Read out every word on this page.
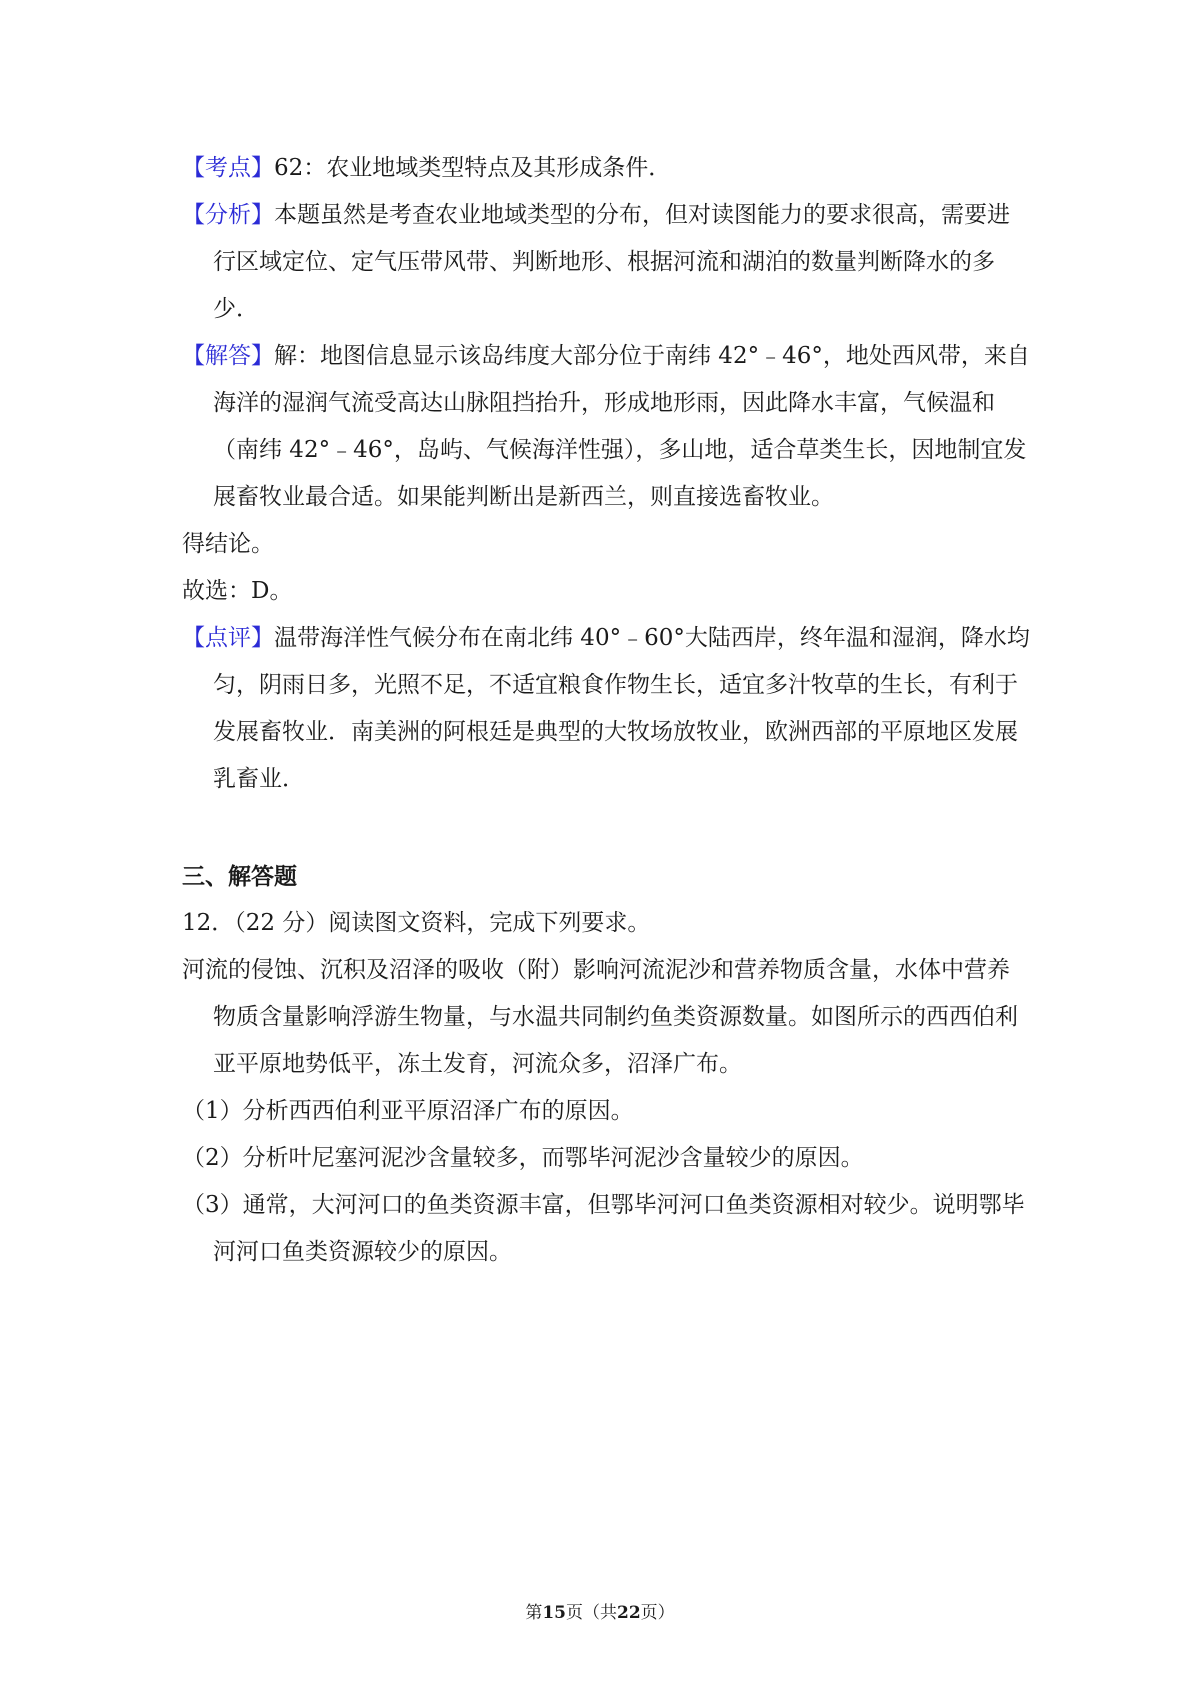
【考点】62：农业地域类型特点及其形成条件．

【分析】本题虽然是考查农业地域类型的分布，但对读图能力的要求很高，需要进行区域定位、定气压带风带、判断地形、根据河流和湖泊的数量判断降水的多少．

【解答】解：地图信息显示该岛纬度大部分位于南纬 42°﹣46°，地处西风带，来自海洋的湿润气流受高达山脉阻挡抬升，形成地形雨，因此降水丰富，气候温和（南纬 42°﹣46°，岛屿、气候海洋性强），多山地，适合草类生长，因地制宜发展畜牧业最合适。如果能判断出是新西兰，则直接选畜牧业。

得结论。

故选：D。

【点评】温带海洋性气候分布在南北纬 40°﹣60°大陆西岸，终年温和湿润，降水均匀，阴雨日多，光照不足，不适宜粮食作物生长，适宜多汁牧草的生长，有利于发展畜牧业．南美洲的阿根廷是典型的大牧场放牧业，欧洲西部的平原地区发展乳畜业．

三、解答题

12．（22 分）阅读图文资料，完成下列要求。

河流的侵蚀、沉积及沼泽的吸收（附）影响河流泥沙和营养物质含量，水体中营养物质含量影响浮游生物量，与水温共同制约鱼类资源数量。如图所示的西西伯利亚平原地势低平，冻土发育，河流众多，沼泽广布。

（1）分析西西伯利亚平原沼泽广布的原因。

（2）分析叶尼塞河泥沙含量较多，而鄂毕河泥沙含量较少的原因。

（3）通常，大河河口的鱼类资源丰富，但鄂毕河河口鱼类资源相对较少。说明鄂毕河河口鱼类资源较少的原因。

第15页（共22页）
